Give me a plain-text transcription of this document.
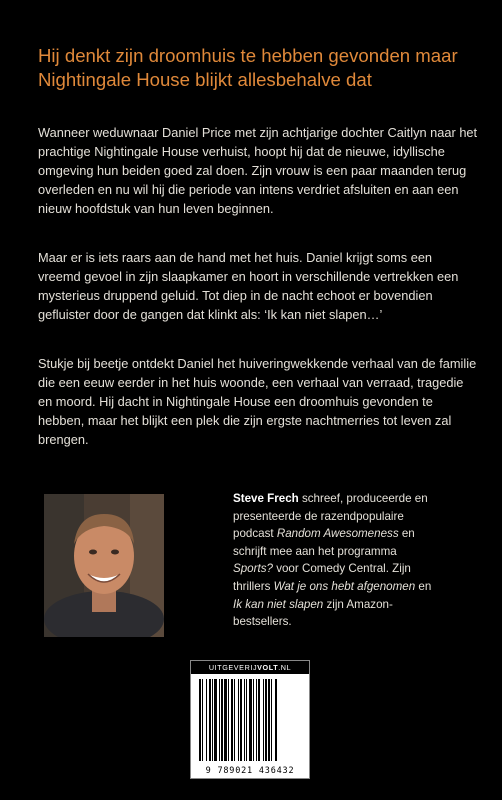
Hij denkt zijn droomhuis te hebben gevonden maar Nightingale House blijkt allesbehalve dat

Wanneer weduwnaar Daniel Price met zijn achtjarige dochter Caitlyn naar het prachtige Nightingale House verhuist, hoopt hij dat de nieuwe, idyllische omgeving hun beiden goed zal doen. Zijn vrouw is een paar maanden terug overleden en nu wil hij die periode van intens verdriet afsluiten en aan een nieuw hoofdstuk van hun leven beginnen.

Maar er is iets raars aan de hand met het huis. Daniel krijgt soms een vreemd gevoel in zijn slaapkamer en hoort in verschillende vertrekken een mysterieus druppend geluid. Tot diep in de nacht echoot er bovendien gefluister door de gangen dat klinkt als: ‘Ik kan niet slapen…’

Stukje bij beetje ontdekt Daniel het huiveringwekkende verhaal van de familie die een eeuw eerder in het huis woonde, een verhaal van verraad, tragedie en moord. Hij dacht in Nightingale House een droomhuis gevonden te hebben, maar het blijkt een plek die zijn ergste nachtmerries tot leven zal brengen.

Steve Frech schreef, produceerde en presenteerde de razendpopulaire podcast Random Awesomeness en schrijft mee aan het programma Sports? voor Comedy Central. Zijn thrillers Wat je ons hebt afgenomen en Ik kan niet slapen zijn Amazon-bestsellers.

UITGEVERIJVOLT.NL
9 789021 436432
